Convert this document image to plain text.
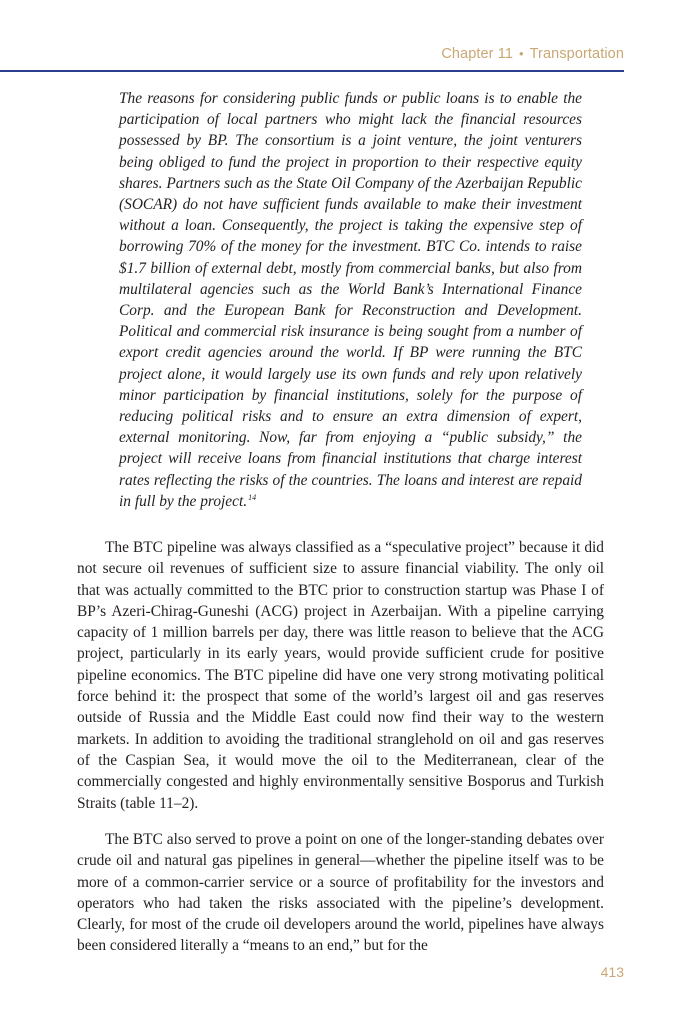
Chapter 11 • Transportation
The reasons for considering public funds or public loans is to enable the participation of local partners who might lack the financial resources possessed by BP. The consortium is a joint venture, the joint venturers being obliged to fund the project in proportion to their respective equity shares. Partners such as the State Oil Company of the Azerbaijan Republic (SOCAR) do not have sufficient funds available to make their investment without a loan. Consequently, the project is taking the expensive step of borrowing 70% of the money for the investment. BTC Co. intends to raise $1.7 billion of external debt, mostly from commercial banks, but also from multilateral agencies such as the World Bank’s International Finance Corp. and the European Bank for Reconstruction and Development. Political and commercial risk insurance is being sought from a number of export credit agencies around the world. If BP were running the BTC project alone, it would largely use its own funds and rely upon relatively minor participation by financial institutions, solely for the purpose of reducing political risks and to ensure an extra dimension of expert, external monitoring. Now, far from enjoying a “public subsidy,” the project will receive loans from financial institutions that charge interest rates reflecting the risks of the countries. The loans and interest are repaid in full by the project.$^{14}$

The BTC pipeline was always classified as a “speculative project” because it did not secure oil revenues of sufficient size to assure financial viability. The only oil that was actually committed to the BTC prior to construction startup was Phase I of BP’s Azeri-Chirag-Guneshi (ACG) project in Azerbaijan. With a pipeline carrying capacity of 1 million barrels per day, there was little reason to believe that the ACG project, particularly in its early years, would provide sufficient crude for positive pipeline economics. The BTC pipeline did have one very strong motivating political force behind it: the prospect that some of the world’s largest oil and gas reserves outside of Russia and the Middle East could now find their way to the western markets. In addition to avoiding the traditional stranglehold on oil and gas reserves of the Caspian Sea, it would move the oil to the Mediterranean, clear of the commercially congested and highly environmentally sensitive Bosporus and Turkish Straits (table 11–2).

The BTC also served to prove a point on one of the longer-standing debates over crude oil and natural gas pipelines in general—whether the pipeline itself was to be more of a common-carrier service or a source of profitability for the investors and operators who had taken the risks associated with the pipeline’s development. Clearly, for most of the crude oil developers around the world, pipelines have always been considered literally a “means to an end,” but for the

413
